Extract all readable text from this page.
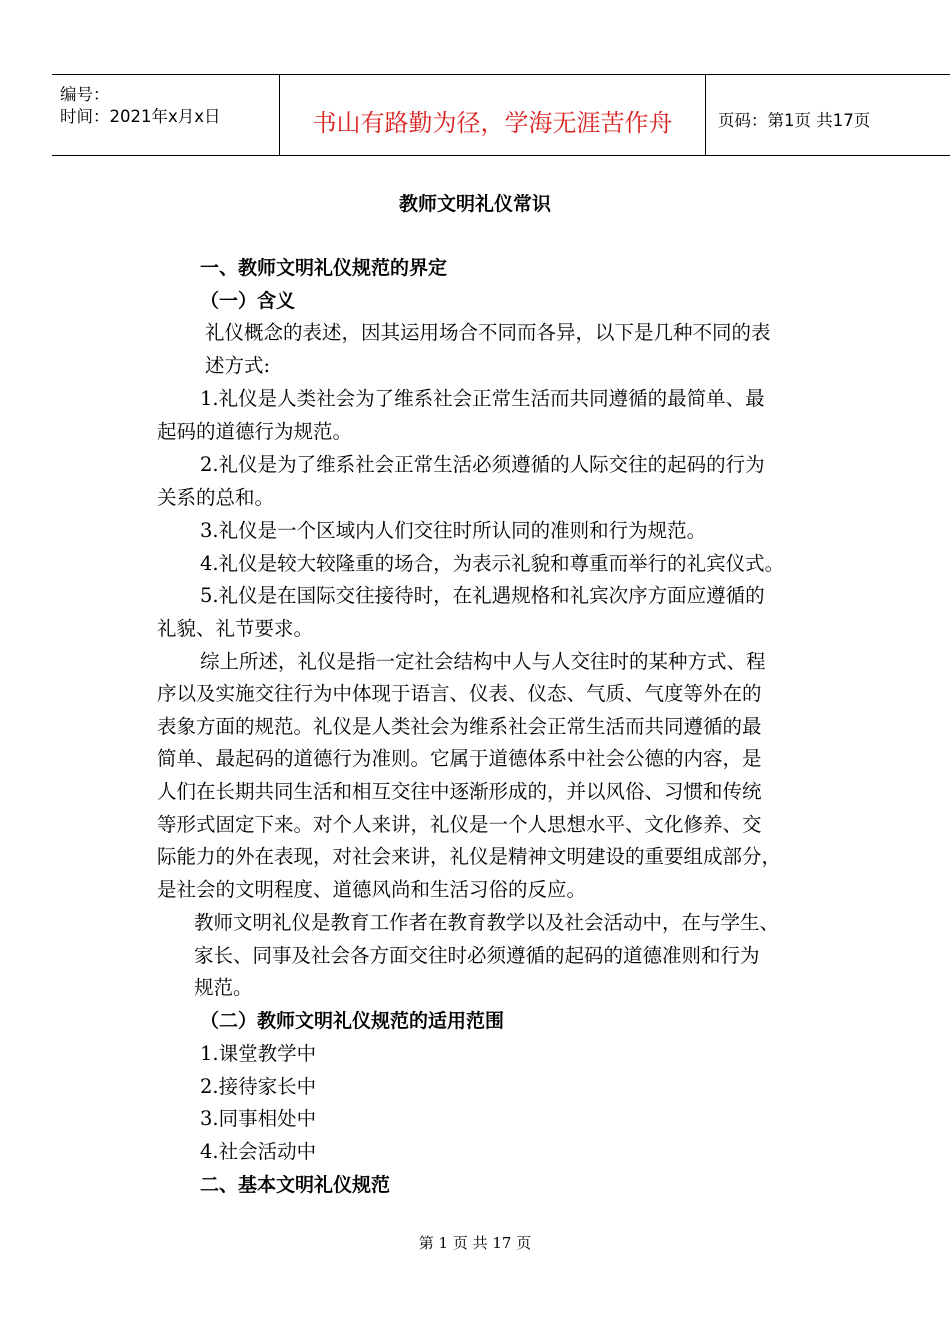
编号：
时间：2021年x月x日	书山有路勤为径，学海无涯苦作舟	页码：第1页 共17页
教师文明礼仪常识
一、教师文明礼仪规范的界定
（一）含义
礼仪概念的表述，因其运用场合不同而各异，以下是几种不同的表
述方式:
1.礼仪是人类社会为了维系社会正常生活而共同遵循的最简单、最
起码的道德行为规范。
2.礼仪是为了维系社会正常生活必须遵循的人际交往的起码的行为
关系的总和。
3.礼仪是一个区域内人们交往时所认同的准则和行为规范。
4.礼仪是较大较隆重的场合，为表示礼貌和尊重而举行的礼宾仪式。
5.礼仪是在国际交往接待时，在礼遇规格和礼宾次序方面应遵循的
礼貌、礼节要求。
综上所述，礼仪是指一定社会结构中人与人交往时的某种方式、程
序以及实施交往行为中体现于语言、仪表、仪态、气质、气度等外在的
表象方面的规范。礼仪是人类社会为维系社会正常生活而共同遵循的最
简单、最起码的道德行为准则。它属于道德体系中社会公德的内容，是
人们在长期共同生活和相互交往中逐渐形成的，并以风俗、习惯和传统
等形式固定下来。对个人来讲，礼仪是一个人思想水平、文化修养、交
际能力的外在表现，对社会来讲，礼仪是精神文明建设的重要组成部分，
是社会的文明程度、道德风尚和生活习俗的反应。
教师文明礼仪是教育工作者在教育教学以及社会活动中，在与学生、
家长、同事及社会各方面交往时必须遵循的起码的道德准则和行为
规范。
（二）教师文明礼仪规范的适用范围
1.课堂教学中
2.接待家长中
3.同事相处中
4.社会活动中
二、基本文明礼仪规范
第 1 页 共 17 页
